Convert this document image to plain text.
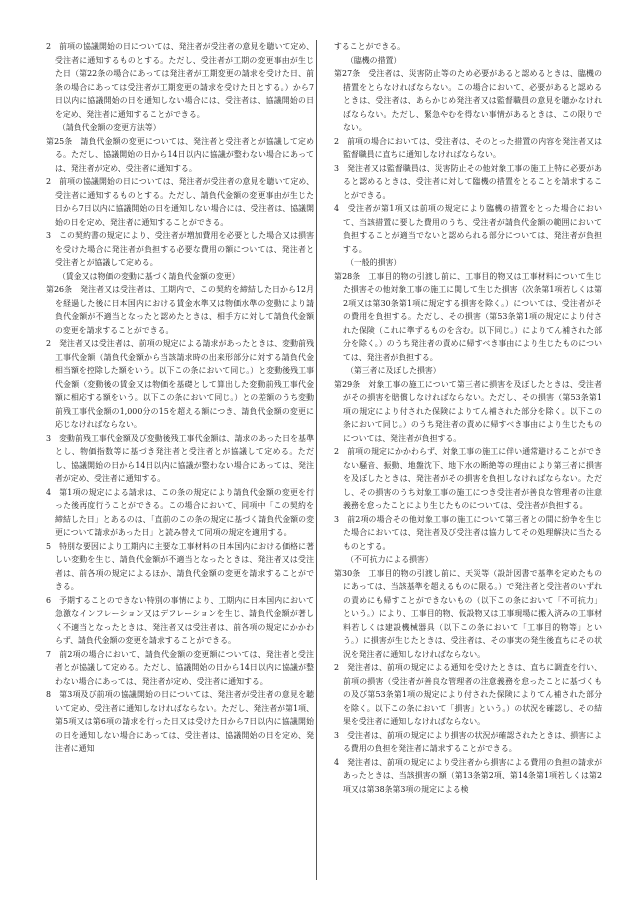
2　前項の協議開始の日については、発注者が受注者の意見を聴いて定め、受注者に通知するものとする。ただし、受注者が工期の変更事由が生じた日（第22条の場合にあっては発注者が工期変更の請求を受けた日、前条の場合にあっては受注者が工期変更の請求を受けた日とする。）から7日以内に協議開始の日を通知しない場合には、受注者は、協議開始の日を定め、発注者に通知することができる。

（請負代金額の変更方法等）

第25条　請負代金額の変更については、発注者と受注者とが協議して定める。ただし、協議開始の日から14日以内に協議が整わない場合にあっては、発注者が定め、受注者に通知する。

2　前項の協議開始の日については、発注者が受注者の意見を聴いて定め、受注者に通知するものとする。ただし、請負代金額の変更事由が生じた日から7日以内に協議開始の日を通知しない場合には、受注者は、協議開始の日を定め、発注者に通知することができる。

3　この契約書の規定により、受注者が増加費用を必要とした場合又は損害を受けた場合に発注者が負担する必要な費用の額については、発注者と受注者とが協議して定める。

（賃金又は物価の変動に基づく請負代金額の変更）

第26条　発注者又は受注者は、工期内で、この契約を締結した日から12月を経過した後に日本国内における賃金水準又は物価水準の変動により請負代金額が不適当となったと認めたときは、相手方に対して請負代金額の変更を請求することができる。

2　発注者又は受注者は、前項の規定による請求があったときは、変動前残工事代金額（請負代金額から当該請求時の出来形部分に対する請負代金相当額を控除した額をいう。以下この条において同じ。）と変動後残工事代金額（変動後の賃金又は物価を基礎として算出した変動前残工事代金額に相応する額をいう。以下この条において同じ。）との差額のうち変動前残工事代金額の1,000分の15を超える額につき、請負代金額の変更に応じなければならない。

3　変動前残工事代金額及び変動後残工事代金額は、請求のあった日を基準とし、物価指数等に基づき発注者と受注者とが協議して定める。ただし、協議開始の日から14日以内に協議が整わない場合にあっては、発注者が定め、受注者に通知する。

4　第1項の規定による請求は、この条の規定により請負代金額の変更を行った後再度行うことができる。この場合において、同項中「この契約を締結した日」とあるのは、「直前のこの条の規定に基づく請負代金額の変更について請求があった日」と読み替えて同項の規定を適用する。

5　特別な要因により工期内に主要な工事材料の日本国内における価格に著しい変動を生じ、請負代金額が不適当となったときは、発注者又は受注者は、前各項の規定によるほか、請負代金額の変更を請求することができる。

6　予期することのできない特別の事情により、工期内に日本国内において急激なインフレーション又はデフレーションを生じ、請負代金額が著しく不適当となったときは、発注者又は受注者は、前各項の規定にかかわらず、請負代金額の変更を請求することができる。

7　前2項の場合において、請負代金額の変更額については、発注者と受注者とが協議して定める。ただし、協議開始の日から14日以内に協議が整わない場合にあっては、発注者が定め、受注者に通知する。

8　第3項及び前項の協議開始の日については、発注者が受注者の意見を聴いて定め、受注者に通知しなければならない。ただし、発注者が第1項、第5項又は第6項の請求を行った日又は受けた日から7日以内に協議開始の日を通知しない場合にあっては、受注者は、協議開始の日を定め、発注者に通知

することができる。

（臨機の措置）

第27条　受注者は、災害防止等のため必要があると認めるときは、臨機の措置をとらなければならない。この場合において、必要があると認めるときは、受注者は、あらかじめ発注者又は監督職員の意見を聴かなければならない。ただし、緊急やむを得ない事情があるときは、この限りでない。

2　前項の場合においては、受注者は、そのとった措置の内容を発注者又は監督職員に直ちに通知しなければならない。

3　発注者又は監督職員は、災害防止その他対象工事の施工上特に必要があると認めるときは、受注者に対して臨機の措置をとることを請求することができる。

4　受注者が第1項又は前項の規定により臨機の措置をとった場合において、当該措置に要した費用のうち、受注者が請負代金額の範囲において負担することが適当でないと認められる部分については、発注者が負担する。

（一般的損害）

第28条　工事目的物の引渡し前に、工事目的物又は工事材料について生じた損害その他対象工事の施工に関して生じた損害（次条第1項若しくは第2項又は第30条第1項に規定する損害を除く。）については、受注者がその費用を負担する。ただし、その損害（第53条第1項の規定により付された保険（これに準ずるものを含む。以下同じ。）によりてん補された部分を除く。）のうち発注者の責めに帰すべき事由により生じたものについては、発注者が負担する。

（第三者に及ぼした損害）

第29条　対象工事の施工について第三者に損害を及ぼしたときは、受注者がその損害を賠償しなければならない。ただし、その損害（第53条第1項の規定により付された保険によりてん補された部分を除く。以下この条において同じ。）のうち発注者の責めに帰すべき事由により生じたものについては、発注者が負担する。

2　前項の規定にかかわらず、対象工事の施工に伴い通常避けることができない騒音、振動、地盤沈下、地下水の断絶等の理由により第三者に損害を及ぼしたときは、発注者がその損害を負担しなければならない。ただし、その損害のうち対象工事の施工につき受注者が善良な管理者の注意義務を怠ったことにより生じたものについては、受注者が負担する。

3　前2項の場合その他対象工事の施工について第三者との間に紛争を生じた場合においては、発注者及び受注者は協力してその処理解決に当たるものとする。

（不可抗力による損害）

第30条　工事目的物の引渡し前に、天災等（設計図書で基準を定めたものにあっては、当該基準を超えるものに限る。）で発注者と受注者のいずれの責めにも帰すことができないもの（以下この条において「不可抗力」という。）により、工事目的物、仮設物又は工事現場に搬入済みの工事材料若しくは建設機械器具（以下この条において「工事目的物等」という。）に損害が生じたときは、受注者は、その事実の発生後直ちにその状況を発注者に通知しなければならない。

2　発注者は、前項の規定による通知を受けたときは、直ちに調査を行い、前項の損害（受注者が善良な管理者の注意義務を怠ったことに基づくもの及び第53条第1項の規定により付された保険によりてん補された部分を除く。以下この条において「損害」という。）の状況を確認し、その結果を受注者に通知しなければならない。

3　受注者は、前項の規定により損害の状況が確認されたときは、損害による費用の負担を発注者に請求することができる。

4　発注者は、前項の規定により受注者から損害による費用の負担の請求があったときは、当該損害の額（第13条第2項、第14条第1項若しくは第2項又は第38条第3項の規定による検
